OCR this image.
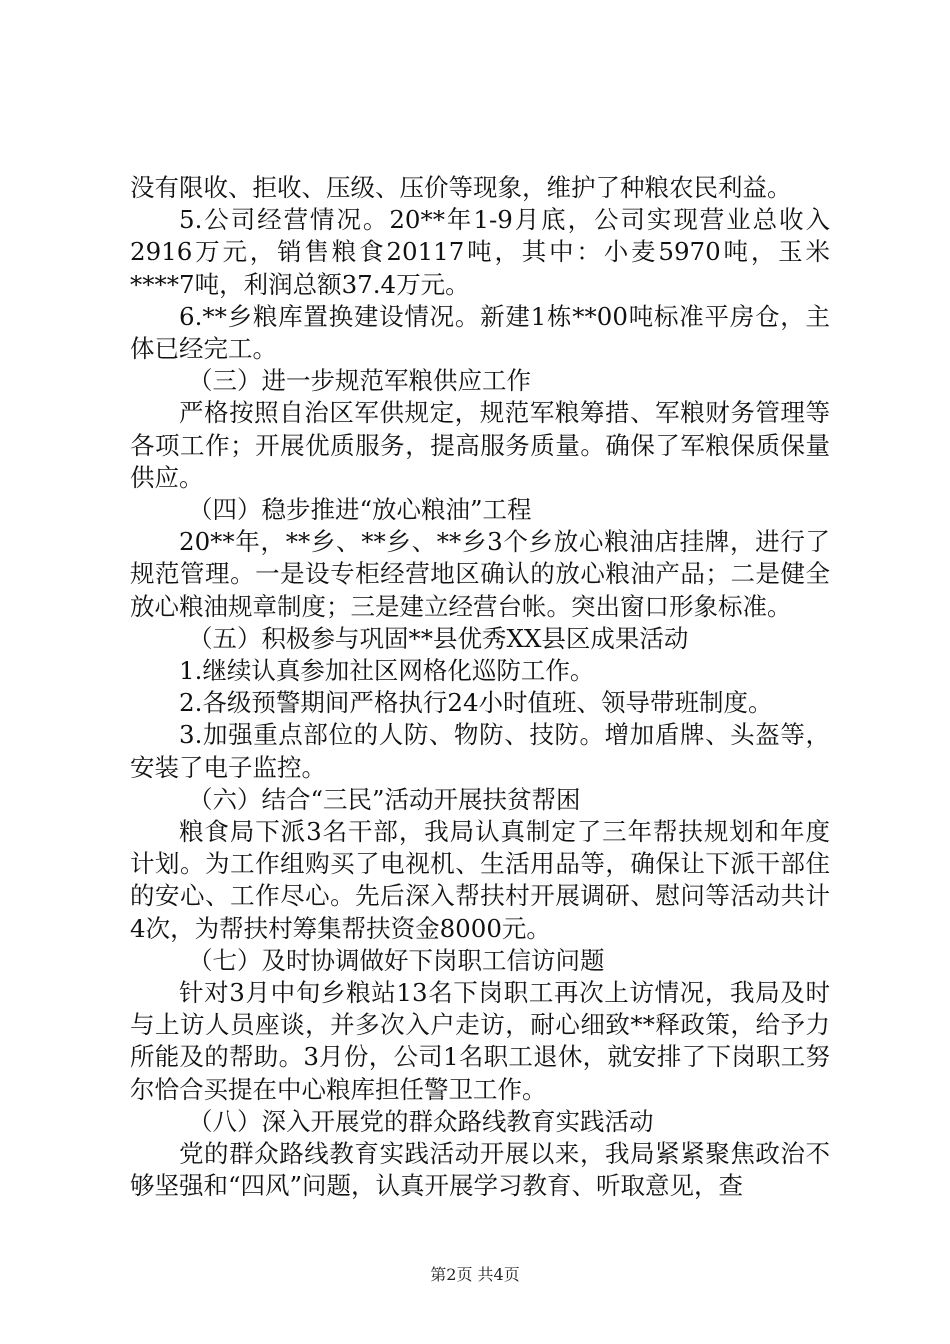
没有限收、拒收、压级、压价等现象，维护了种粮农民利益。

5.公司经营情况。20**年1-9月底，公司实现营业总收入2916万元，销售粮食20117吨，其中：小麦5970吨，玉米****7吨，利润总额37.4万元。

6.**乡粮库置换建设情况。新建1栋**00吨标准平房仓，主体已经完工。

（三）进一步规范军粮供应工作

严格按照自治区军供规定，规范军粮筹措、军粮财务管理等各项工作；开展优质服务，提高服务质量。确保了军粮保质保量供应。

（四）稳步推进“放心粮油”工程

20**年，**乡、**乡、**乡3个乡放心粮油店挂牌，进行了规范管理。一是设专柜经营地区确认的放心粮油产品；二是健全放心粮油规章制度；三是建立经营台帐。突出窗口形象标准。

（五）积极参与巩固**县优秀XX县区成果活动

1.继续认真参加社区网格化巡防工作。

2.各级预警期间严格执行24小时值班、领导带班制度。

3.加强重点部位的人防、物防、技防。增加盾牌、头盔等，安装了电子监控。

（六）结合“三民”活动开展扶贫帮困

粮食局下派3名干部，我局认真制定了三年帮扶规划和年度计划。为工作组购买了电视机、生活用品等，确保让下派干部住的安心、工作尽心。先后深入帮扶村开展调研、慰问等活动共计4次，为帮扶村筹集帮扶资金8000元。

（七）及时协调做好下岗职工信访问题

针对3月中旬乡粮站13名下岗职工再次上访情况，我局及时与上访人员座谈，并多次入户走访，耐心细致**释政策，给予力所能及的帮助。3月份，公司1名职工退休，就安排了下岗职工努尔恰合买提在中心粮库担任警卫工作。

（八）深入开展党的群众路线教育实践活动

党的群众路线教育实践活动开展以来，我局紧紧聚焦政治不够坚强和“四风”问题，认真开展学习教育、听取意见，查

第2页 共4页
